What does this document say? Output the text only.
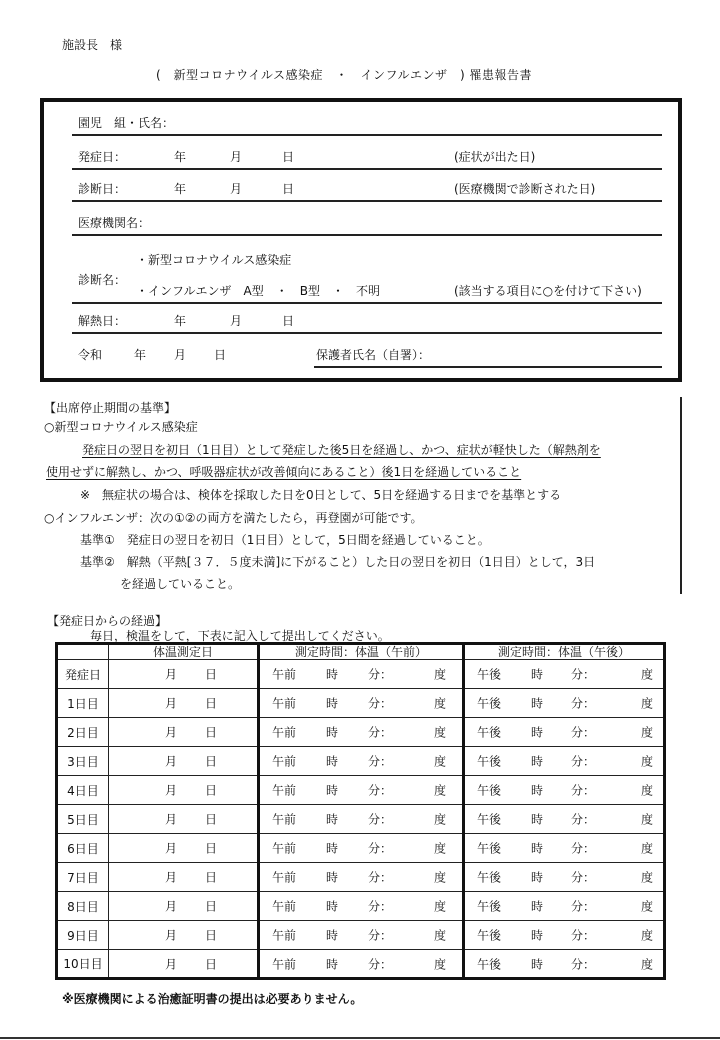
施設長　様
(　新型コロナウイルス感染症　・　インフルエンザ　) 罹患報告書
園児　組・氏名：
発症日：	年	月	日	(症状が出た日)
診断日：	年	月	日	(医療機関で診断された日)
医療機関名：
診断名：
・新型コロナウイルス感染症
・インフルエンザ　A型　・　B型　・　不明	(該当する項目に○を付けて下さい)
解熱日：	年	月	日
令和	年 月 日	保護者氏名（自署）：
【出席停止期間の基準】
○新型コロナウイルス感染症
発症日の翌日を初日（1日目）として発症した後5日を経過し、かつ、症状が軽快した（解熱剤を
使用せずに解熱し、かつ、呼吸器症状が改善傾向にあること）後1日を経過していること
※　無症状の場合は、検体を採取した日を0日として、5日を経過する日までを基準とする
○インフルエンザ：次の①②の両方を満たしたら，再登園が可能です。
基準①　発症日の翌日を初日（1日目）として，5日間を経過していること。
基準②　解熱（平熱[３７．５度未満]に下がること）した日の翌日を初日（1日目）として，3日
を経過していること。
【発症日からの経過】
毎日，検温をして，下表に記入して提出してください。
	体温測定日	測定時間：体温（午前）	測定時間：体温（午後）
発症日	月 日	午前 時 分： 度	午後 時 分： 度

1日目	月 日	午前 時 分： 度	午後 時 分： 度

2日目	月 日	午前 時 分： 度	午後 時 分： 度

3日目	月 日	午前 時 分： 度	午後 時 分： 度

4日目	月 日	午前 時 分： 度	午後 時 分： 度

5日目	月 日	午前 時 分： 度	午後 時 分： 度

6日目	月 日	午前 時 分： 度	午後 時 分： 度

7日目	月 日	午前 時 分： 度	午後 時 分： 度

8日目	月 日	午前 時 分： 度	午後 時 分： 度

9日目	月 日	午前 時 分： 度	午後 時 分： 度

10日目	月 日	午前 時 分： 度	午後 時 分： 度
※医療機関による治癒証明書の提出は必要ありません。
